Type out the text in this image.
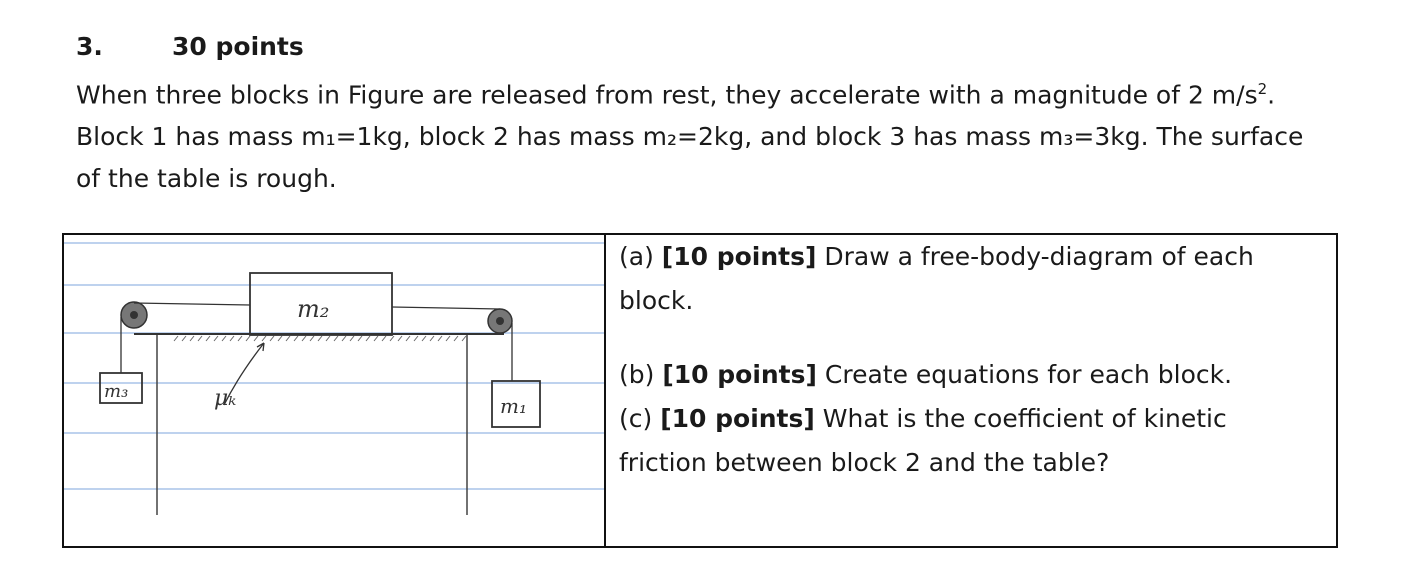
3.	30 points

When three blocks in Figure are released from rest, they accelerate with a magnitude of 2 $m/s^2$.

Block 1 has mass m₁=1kg, block 2 has mass m₂=2kg, and block 3 has mass m₃=3kg. The surface

of the table is rough.

m₂
m₃
m₁
μₖ
(a) [10 points] Draw a free-body-diagram of each block.
(b) [10 points] Create equations for each block.
(c) [10 points] What is the coefficient of kinetic friction between block 2 and the table?
